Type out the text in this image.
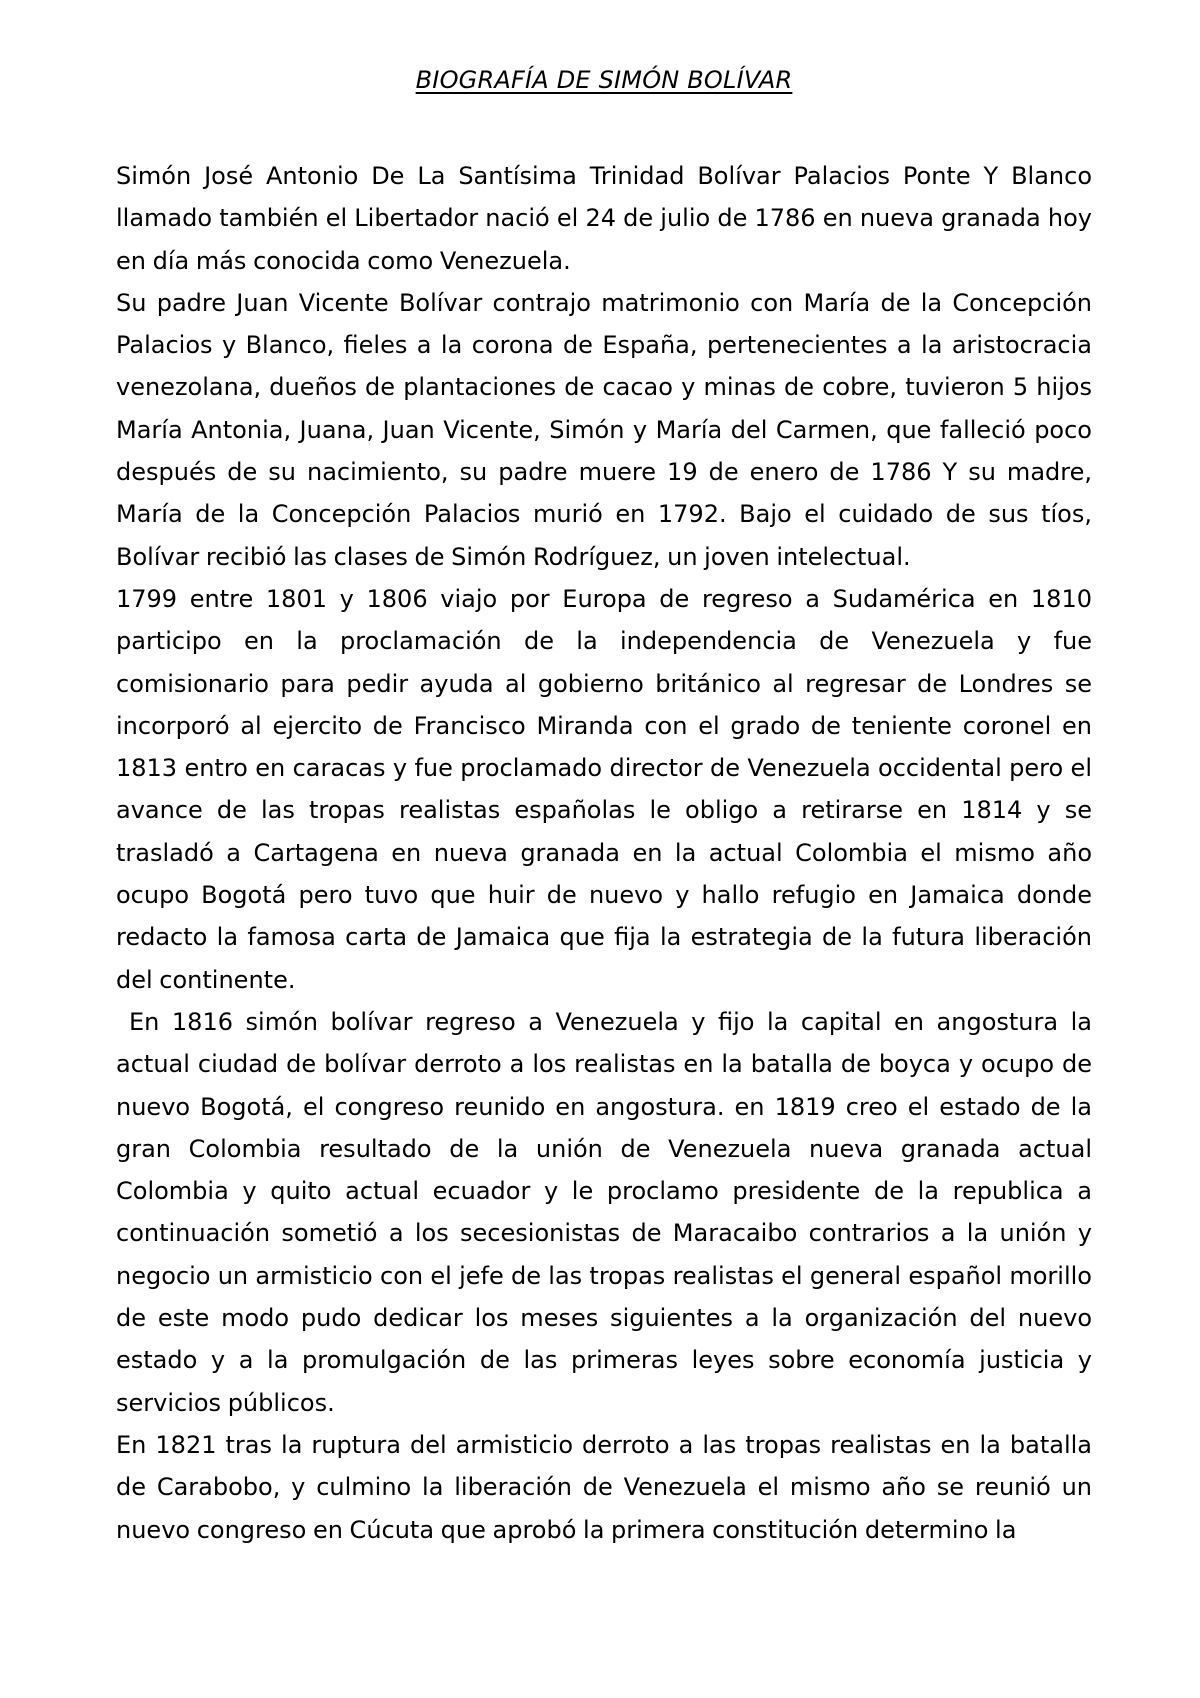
BIOGRAFÍA DE SIMÓN BOLÍVAR

Simón José Antonio De La Santísima Trinidad Bolívar Palacios Ponte Y Blanco llamado también el Libertador nació el 24 de julio de 1786 en nueva granada hoy en día más conocida como Venezuela.

Su padre Juan Vicente Bolívar contrajo matrimonio con María de la Concepción Palacios y Blanco, fieles a la corona de España, pertenecientes a la aristocracia venezolana, dueños de plantaciones de cacao y minas de cobre, tuvieron 5 hijos María Antonia, Juana, Juan Vicente, Simón y María del Carmen, que falleció poco después de su nacimiento, su padre muere 19 de enero de 1786 Y su madre, María de la Concepción Palacios murió en 1792. Bajo el cuidado de sus tíos, Bolívar recibió las clases de Simón Rodríguez, un joven intelectual.

1799 entre 1801 y 1806 viajo por Europa de regreso a Sudamérica en 1810 participo en la proclamación de la independencia de Venezuela y fue comisionario para pedir ayuda al gobierno británico al regresar de Londres se incorporó al ejercito de Francisco Miranda con el grado de teniente coronel en 1813 entro en caracas y fue proclamado director de Venezuela occidental pero el avance de las tropas realistas españolas le obligo a retirarse en 1814 y se trasladó a Cartagena en nueva granada en la actual Colombia el mismo año ocupo Bogotá pero tuvo que huir de nuevo y hallo refugio en Jamaica donde redacto la famosa carta de Jamaica que fija la estrategia de la futura liberación del continente.

En 1816 simón bolívar regreso a Venezuela y fijo la capital en angostura la actual ciudad de bolívar derroto a los realistas en la batalla de boyca y ocupo de nuevo Bogotá, el congreso reunido en angostura. en 1819 creo el estado de la gran Colombia resultado de la unión de Venezuela nueva granada actual Colombia y quito actual ecuador y le proclamo presidente de la republica a continuación sometió a los secesionistas de Maracaibo contrarios a la unión y negocio un armisticio con el jefe de las tropas realistas el general español morillo de este modo pudo dedicar los meses siguientes a la organización del nuevo estado y a la promulgación de las primeras leyes sobre economía justicia y servicios públicos.

En 1821 tras la ruptura del armisticio derroto a las tropas realistas en la batalla de Carabobo, y culmino la liberación de Venezuela el mismo año se reunió un nuevo congreso en Cúcuta que aprobó la primera constitución determino la
